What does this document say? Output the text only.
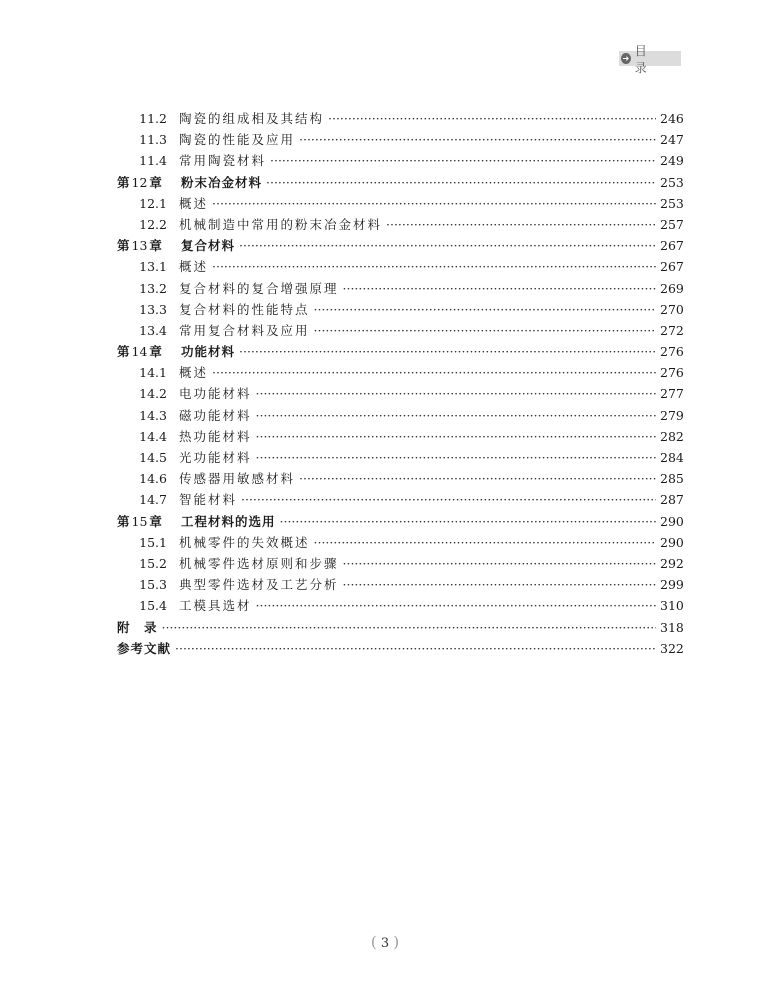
➜
目 录
11.2 陶瓷的组成相及其结构 ·····	246
11.3 陶瓷的性能及应用 ·····	247
11.4 常用陶瓷材料 ·····	249
第 12 章	粉末冶金材料 ·····	253
12.1 概述 ·····	253
12.2 机械制造中常用的粉末冶金材料 ·····	257
第 13 章	复合材料 ·····	267
13.1 概述 ·····	267
13.2 复合材料的复合增强原理 ·····	269
13.3 复合材料的性能特点 ·····	270
13.4 常用复合材料及应用 ·····	272
第 14 章	功能材料 ·····	276
14.1 概述 ·····	276
14.2 电功能材料 ·····	277
14.3 磁功能材料 ·····	279
14.4 热功能材料 ·····	282
14.5 光功能材料 ·····	284
14.6 传感器用敏感材料 ·····	285
14.7 智能材料 ·····	287
第 15 章	工程材料的选用 ·····	290
15.1 机械零件的失效概述 ·····	290
15.2 机械零件选材原则和步骤 ·····	292
15.3 典型零件选材及工艺分析 ·····	299
15.4 工模具选材 ·····	310
附　录 ·····	318
参考文献 ·····	322
( 3 )
